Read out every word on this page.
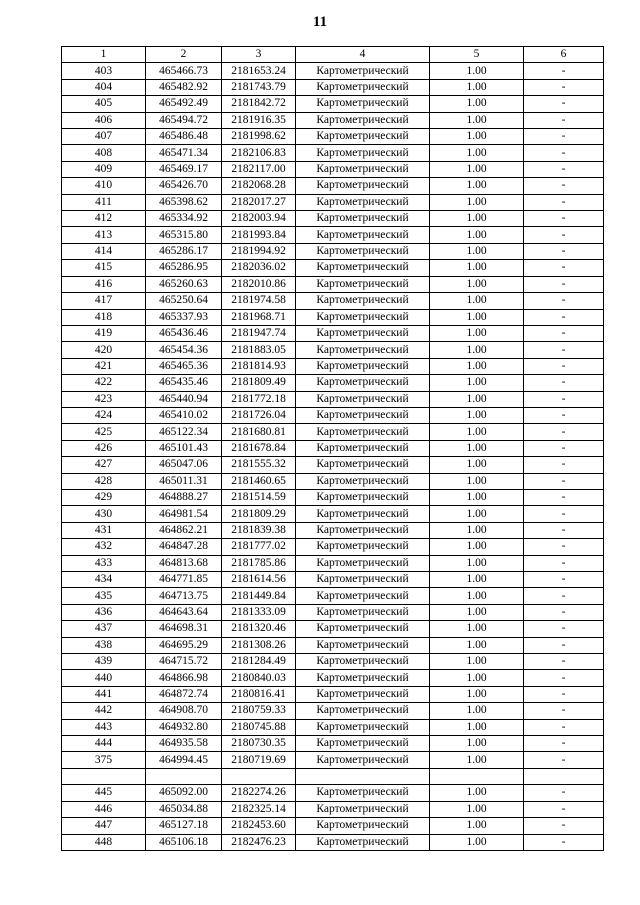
11
1	2	3	4	5	6
403	465466.73	2181653.24	Картометрический	1.00	-
404	465482.92	2181743.79	Картометрический	1.00	-
405	465492.49	2181842.72	Картометрический	1.00	-
406	465494.72	2181916.35	Картометрический	1.00	-
407	465486.48	2181998.62	Картометрический	1.00	-
408	465471.34	2182106.83	Картометрический	1.00	-
409	465469.17	2182117.00	Картометрический	1.00	-
410	465426.70	2182068.28	Картометрический	1.00	-
411	465398.62	2182017.27	Картометрический	1.00	-
412	465334.92	2182003.94	Картометрический	1.00	-
413	465315.80	2181993.84	Картометрический	1.00	-
414	465286.17	2181994.92	Картометрический	1.00	-
415	465286.95	2182036.02	Картометрический	1.00	-
416	465260.63	2182010.86	Картометрический	1.00	-
417	465250.64	2181974.58	Картометрический	1.00	-
418	465337.93	2181968.71	Картометрический	1.00	-
419	465436.46	2181947.74	Картометрический	1.00	-
420	465454.36	2181883.05	Картометрический	1.00	-
421	465465.36	2181814.93	Картометрический	1.00	-
422	465435.46	2181809.49	Картометрический	1.00	-
423	465440.94	2181772.18	Картометрический	1.00	-
424	465410.02	2181726.04	Картометрический	1.00	-
425	465122.34	2181680.81	Картометрический	1.00	-
426	465101.43	2181678.84	Картометрический	1.00	-
427	465047.06	2181555.32	Картометрический	1.00	-
428	465011.31	2181460.65	Картометрический	1.00	-
429	464888.27	2181514.59	Картометрический	1.00	-
430	464981.54	2181809.29	Картометрический	1.00	-
431	464862.21	2181839.38	Картометрический	1.00	-
432	464847.28	2181777.02	Картометрический	1.00	-
433	464813.68	2181785.86	Картометрический	1.00	-
434	464771.85	2181614.56	Картометрический	1.00	-
435	464713.75	2181449.84	Картометрический	1.00	-
436	464643.64	2181333.09	Картометрический	1.00	-
437	464698.31	2181320.46	Картометрический	1.00	-
438	464695.29	2181308.26	Картометрический	1.00	-
439	464715.72	2181284.49	Картометрический	1.00	-
440	464866.98	2180840.03	Картометрический	1.00	-
441	464872.74	2180816.41	Картометрический	1.00	-
442	464908.70	2180759.33	Картометрический	1.00	-
443	464932.80	2180745.88	Картометрический	1.00	-
444	464935.58	2180730.35	Картометрический	1.00	-
375	464994.45	2180719.69	Картометрический	1.00	-

445	465092.00	2182274.26	Картометрический	1.00	-
446	465034.88	2182325.14	Картометрический	1.00	-
447	465127.18	2182453.60	Картометрический	1.00	-
448	465106.18	2182476.23	Картометрический	1.00	-
